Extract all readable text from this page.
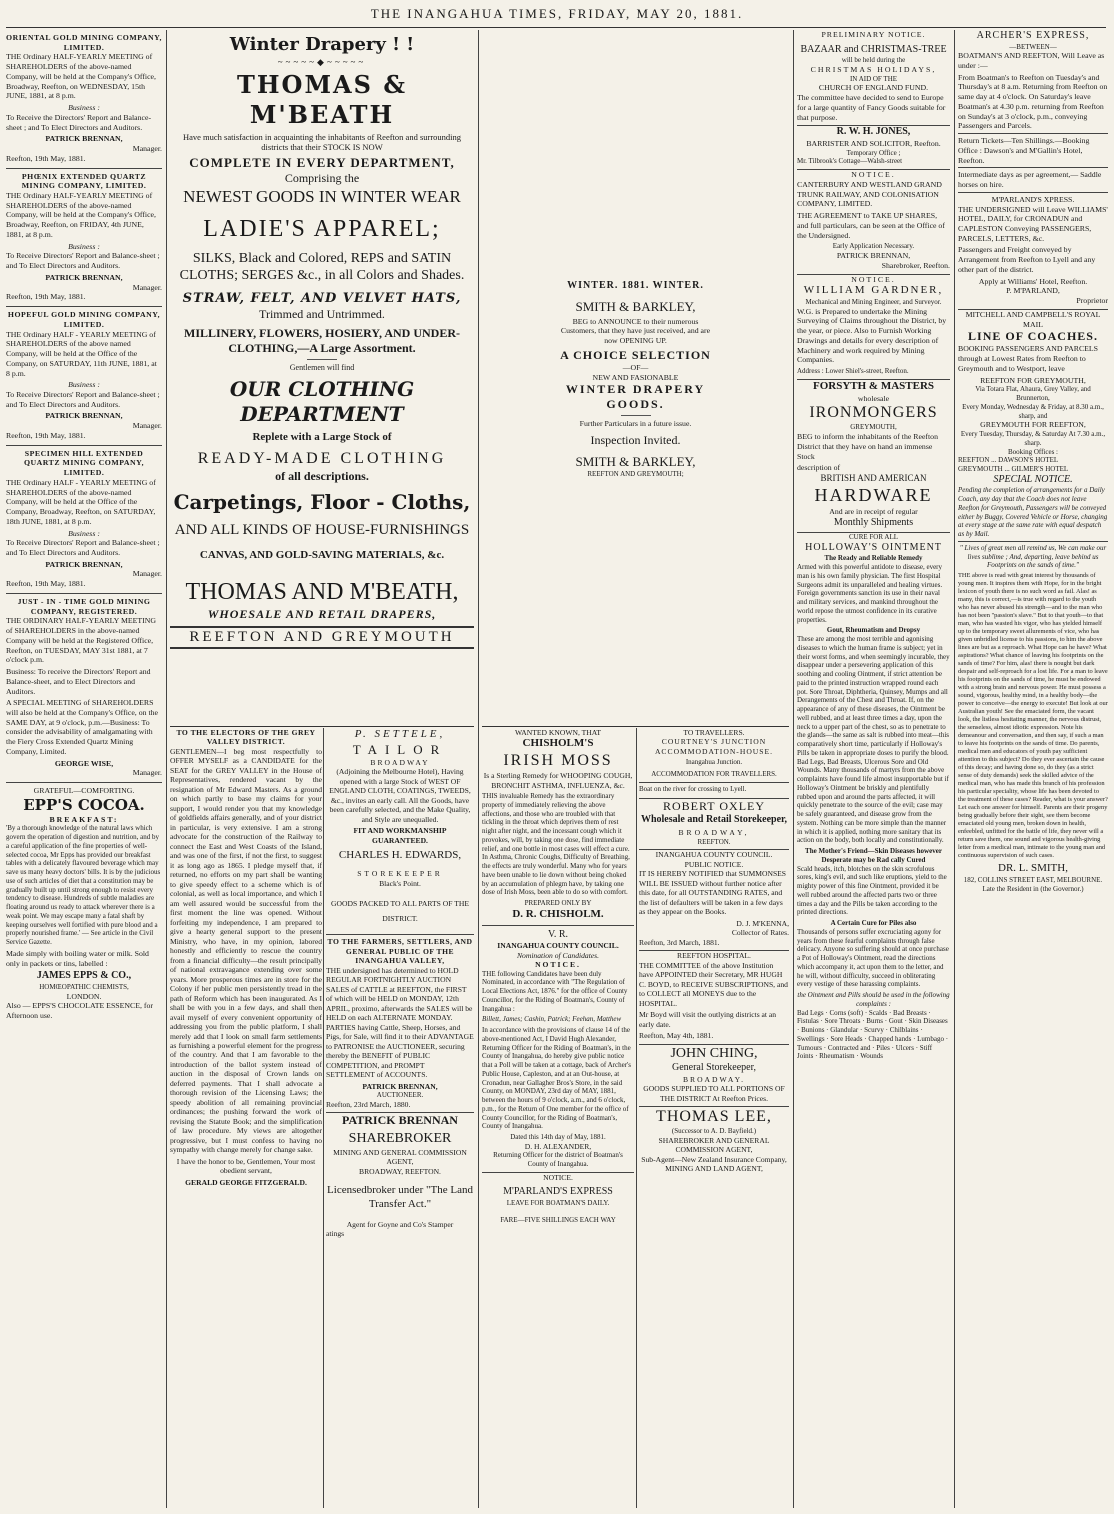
THE INANGAHUA TIMES, FRIDAY, MAY 20, 1881.
ORIENTAL GOLD MINING COMPANY, LIMITED.

THE Ordinary HALF-YEARLY MEETING of SHAREHOLDERS of the above-named Company, will be held at the Company's Office, Broadway, Reefton, on WEDNESDAY, 15th JUNE, 1881, at 8 p.m.

Business :

To Receive the Directors' Report and Balance-sheet ; and To Elect Directors and Auditors.

PATRICK BRENNAN,
Manager.
Reefton, 19th May, 1881.
PHŒNIX EXTENDED QUARTZ MINING COMPANY, LIMITED.

THE Ordinary HALF-YEARLY MEETING of SHAREHOLDERS of the above-named Company, will be held at the Company's Office, Broadway, Reefton, on FRIDAY, 4th JUNE, 1881, at 8 p.m.

Business :

To Receive Directors' Report and Balance-sheet ; and To Elect Directors and Auditors.

PATRICK BRENNAN,
Manager.
Reefton, 19th May, 1881.
HOPEFUL GOLD MINING COMPANY, LIMITED.

THE Ordinary HALF - YEARLY MEETING of SHAREHOLDERS of the above named Company, will be held at the Office of the Company, on SATURDAY, 11th JUNE, 1881, at 8 p.m.

Business :

To Receive Directors' Report and Balance-sheet ; and To Elect Directors and Auditors.

PATRICK BRENNAN,
Manager.
Reefton, 19th May, 1881.
SPECIMEN HILL EXTENDED QUARTZ MINING COMPANY, LIMITED.

THE Ordinary HALF - YEARLY MEETING of SHAREHOLDERS of the above-named Company, will be held at the Office of the Company, Broadway, Reefton, on SATURDAY, 18th JUNE, 1881, at 8 p.m.

Business :

To Receive Directors' Report and Balance-sheet ; and To Elect Directors and Auditors.

PATRICK BRENNAN,
Manager.
Reefton, 19th May, 1881.
JUST - IN - TIME GOLD MINING COMPANY, REGISTERED.

THE ORDINARY HALF-YEARLY MEETING of SHAREHOLDERS in the above-named Company will be held at the Registered Office, Reefton, on TUESDAY, MAY 31st 1881, at 7 o'clock p.m.

Business: To receive the Directors' Report and Balance-sheet, and to Elect Directors and Auditors.

A SPECIAL MEETING of SHAREHOLDERS will also be held at the Company's Office, on the SAME DAY, at 9 o'clock, p.m.—Business: To consider the advisability of amalgamating with the Fiery Cross Extended Quartz Mining Company, Limited.

GEORGE WISE,
Manager.
GRATEFUL—COMFORTING.
EPP'S COCOA.
BREAKFAST:

'By a thorough knowledge of the natural laws which govern the operation of digestion and nutrition, and by a careful application of the fine properties of well-selected cocoa, Mr Epps has provided our breakfast tables with a delicately flavoured beverage which may save us many heavy doctors' bills. It is by the judicious use of such articles of diet that a constitution may be gradually built up until strong enough to resist every tendency to disease. Hundreds of subtle maladies are floating around us ready to attack wherever there is a weak point. We may escape many a fatal shaft by keeping ourselves well fortified with pure blood and a properly nourished frame.' — See article in the Civil Service Gazette.

Made simply with boiling water or milk. Sold only in packets or tins, labelled :

JAMES EPPS & CO.,
HOMŒOPATHIC CHEMISTS,
LONDON.

Also — EPPS'S CHOCOLATE ESSENCE, for Afternoon use.

Winter Drapery ! !
~~~~~◆~~~~~
THOMAS & M'BEATH

Have much satisfaction in acquainting the inhabitants of Reefton and surrounding districts that their STOCK IS NOW

COMPLETE IN EVERY DEPARTMENT,
Comprising the
NEWEST GOODS IN WINTER WEAR
LADIE'S APPAREL;
SILKS, Black and Colored, REPS and SATIN
CLOTHS; SERGES &c., in all Colors and Shades.
STRAW, FELT, AND VELVET HATS,
Trimmed and Untrimmed.
MILLINERY, FLOWERS, HOSIERY, AND UNDER-
CLOTHING,—A Large Assortment.
Gentlemen will find
OUR CLOTHING DEPARTMENT
Replete with a Large Stock of
READY-MADE CLOTHING
of all descriptions.
Carpetings, Floor - Cloths,
AND ALL KINDS OF HOUSE-FURNISHINGS
CANVAS, AND GOLD-SAVING MATERIALS, &c.
THOMAS AND M'BEATH,
WHOESALE AND RETAIL DRAPERS,
REEFTON AND GREYMOUTH
TO THE ELECTORS OF THE GREY VALLEY DISTRICT.

GENTLEMEN—I beg most respectfully to OFFER MYSELF as a CANDIDATE for the SEAT for the GREY VALLEY in the House of Representatives, rendered vacant by the resignation of Mr Edward Masters. As a ground on which partly to base my claims for your support, I would render you that my knowledge of goldfields affairs generally, and of your district in particular, is very extensive. I am a strong advocate for the construction of the Railway to connect the East and West Coasts of the Island, and was one of the first, if not the first, to suggest it as long ago as 1865. I pledge myself that, if returned, no efforts on my part shall be wanting to give speedy effect to a scheme which is of colonial, as well as local importance, and which I am well assured would be successful from the first moment the line was opened. Without forfeiting my independence, I am prepared to give a hearty general support to the present Ministry, who have, in my opinion, labored honestly and efficiently to rescue the country from a financial difficulty—the result principally of national extravagance extending over some years. More prosperous times are in store for the Colony if her public men persistently tread in the path of Reform which has been inaugurated. As I shall be with you in a few days, and shall then avail myself of every convenient opportunity of addressing you from the public platform, I shall merely add that I look on small farm settlements as furnishing a powerful element for the progress of the country. And that I am favorable to the introduction of the ballot system instead of auction in the disposal of Crown lands on deferred payments. That I shall advocate a thorough revision of the Licensing Laws; the speedy abolition of all remaining provincial ordinances; the pushing forward the work of revising the Statute Book; and the simplification of law procedure. My views are altogether progressive, but I must confess to having no sympathy with change merely for change sake.

I have the honor to be, Gentlemen, Your most obedient servant,

GERALD GEORGE FITZGERALD.
P. SETTELE,
TAILOR
BROADWAY

(Adjoining the Melbourne Hotel), Having opened with a large Stock of WEST OF ENGLAND CLOTH, COATINGS, TWEEDS, &c., invites an early call. All the Goods, have been carefully selected, and the Make Quality, and Style are unequalled.

FIT AND WORKMANSHIP GUARANTEED.
CHARLES H. EDWARDS,
STOREKEEPER
Black's Point.
GOODS PACKED TO ALL PARTS OF THE DISTRICT.
TO THE FARMERS, SETTLERS, AND GENERAL PUBLIC OF THE INANGAHUA VALLEY,

THE undersigned has determined to HOLD REGULAR FORTNIGHTLY AUCTION SALES of CATTLE at REEFTON, the FIRST of which will be HELD on MONDAY, 12th APRIL, proximo, afterwards the SALES will be HELD on each ALTERNATE MONDAY. PARTIES having Cattle, Sheep, Horses, and Pigs, for Sale, will find it to their ADVANTAGE to PATRONISE the AUCTIONEER, securing thereby the BENEFIT of PUBLIC COMPETITION, and PROMPT SETTLEMENT of ACCOUNTS.

PATRICK BRENNAN,
AUCTIONEER.
Reefton, 23rd March, 1880.
PATRICK BRENNAN
SHAREBROKER
MINING AND GENERAL COMMISSION AGENT,
BROADWAY, REEFTON.
Licensedbroker under "The Land Transfer Act."
Agent for Goyne and Co's Stamper
atings
WINTER. 1881. WINTER.
SMITH & BARKLEY,

BEG to ANNOUNCE to their numerous Customers, that they have just received, and are now OPENING UP.

A CHOICE SELECTION
—OF—
NEW AND FASIONABLE
WINTER DRAPERY GOODS.
Further Particulars in a future issue.
Inspection Invited.
SMITH & BARKLEY,
REEFTON AND GREYMOUTH;
WANTED KNOWN, THAT
CHISHOLM'S
IRISH MOSS

Is a Sterling Remedy for WHOOPING COUGH, BRONCHIT ASTHMA, INFLUENZA, &c.

THIS invaluable Remedy has the extraordinary property of immediately relieving the above affections, and those who are troubled with that tickling in the throat which deprives them of rest night after night, and the incessant cough which it provokes, will, by taking one dose, find immediate relief, and one bottle in most cases will effect a cure. In Asthma, Chronic Coughs, Difficulty of Breathing, the effects are truly wonderful. Many who for years have been unable to lie down without being choked by an accumulation of phlegm have, by taking one dose of Irish Moss, been able to do so with comfort.

PREPARED ONLY BY
D. R. CHISHOLM.
V. R.
INANGAHUA COUNTY COUNCIL.
Nomination of Candidates.
NOTICE.

THE following Candidates have been duly Nominated, in accordance with "The Regulation of Local Elections Act, 1876." for the office of County Councillor, for the Riding of Boatman's, County of Inangahua :

Billett, James; Cashin, Patrick; Feehan, Matthew

In accordance with the provisions of clause 14 of the above-mentioned Act, I David Hugh Alexander, Returning Officer for the Riding of Boatman's, in the County of Inangahua, do hereby give public notice that a Poll will be taken at a cottage, back of Archer's Public House, Capleston, and at an Out-house, at Cronadun, near Gallagher Bros's Store, in the said County, on MONDAY, 23rd day of MAY, 1881, between the hours of 9 o'clock, a.m., and 6 o'clock, p.m., for the Return of One member for the office of County Councillor, for the Riding of Boatman's, County of Inangahua.

Dated this 14th day of May, 1881.
D. H. ALEXANDER,

Returning Officer for the district of Boatman's County of Inangahua.

NOTICE.
M'PARLAND'S EXPRESS
LEAVE FOR BOATMAN'S DAILY.
FARE—FIVE SHILLINGS EACH WAY
TO TRAVELLERS.

COURTNEY'S JUNCTION ACCOMMODATION-HOUSE.

Inangahua Junction.
ACCOMMODATION FOR TRAVELLERS.
Boat on the river for crossing to Lyell.
ROBERT OXLEY
Wholesale and Retail Storekeeper,
BROADWAY,
REEFTON.
INANGAHUA COUNTY COUNCIL.
PUBLIC NOTICE.

IT IS HEREBY NOTIFIED that SUMMONSES WILL BE ISSUED without further notice after this date, for all OUTSTANDING RATES, and the list of defaulters will be taken in a few days as they appear on the Books.

D. J. M'KENNA,
Collector of Rates.
Reefton, 3rd March, 1881.
REEFTON HOSPITAL.

THE COMMITTEE of the above Institution have APPOINTED their Secretary, MR HUGH C. BOYD, to RECEIVE SUBSCRIPTIONS, and to COLLECT all MONEYS due to the HOSPITAL.

Mr Boyd will visit the outlying districts at an early date.

Reefton, May 4th, 1881.
JOHN CHING,
General Storekeeper,
BROADWAY.

GOODS SUPPLIED TO ALL PORTIONS OF THE DISTRICT At Reefton Prices.

THOMAS LEE,
(Successor to A. D. Bayfield.)
SHAREBROKER AND GENERAL COMMISSION AGENT,
Sub-Agent—New Zealand Insurance Company,
MINING AND LAND AGENT,
PRELIMINARY NOTICE.
BAZAAR and CHRISTMAS-TREE
will be held during the
CHRISTMAS HOLIDAYS,
IN AID OF THE
CHURCH OF ENGLAND FUND.

The committee have decided to send to Europe for a large quantity of Fancy Goods suitable for that purpose.

R. W. H. JONES,
BARRISTER AND SOLICITOR, Reefton.
Temporary Office ;
Mr. Tilbrook's Cottage—Walsh-street
NOTICE.

CANTERBURY AND WESTLAND GRAND TRUNK RAILWAY, AND COLONISATION COMPANY, LIMITED.

THE AGREEMENT to TAKE UP SHARES, and full particulars, can be seen at the Office of the Undersigned.

Early Application Necessary.
PATRICK BRENNAN,
Sharebroker, Reefton.
NOTICE.
WILLIAM GARDNER,
Mechanical and Mining Engineer, and Surveyor.

W.G. is Prepared to undertake the Mining Surveying of Claims throughout the District, by the year, or piece. Also to Furnish Working Drawings and details for every description of Machinery and work required by Mining Companies.

Address : Lower Shiel's-street, Reefton.
FORSYTH & MASTERS
wholesale
IRONMONGERS
GREYMOUTH,

BEG to inform the inhabitants of the Reefton District that they have on hand an immense Stock

description of
BRITISH AND AMERICAN
HARDWARE
And are in receipt of regular
Monthly Shipments
CURE FOR ALL
HOLLOWAY'S OINTMENT
The Ready and Reliable Remedy

Armed with this powerful antidote to disease, every man is his own family physician. The first Hospital Surgeons admit its unparalleled and healing virtues. Foreign governments sanction its use in their naval and military services, and mankind throughout the world repose the utmost confidence in its curative properties.

Gout, Rheumatism and Dropsy

These are among the most terrible and agonising diseases to which the human frame is subject; yet in their worst forms, and when seemingly incurable, they disappear under a persevering application of this soothing and cooling Ointment, if strict attention be paid to the printed instruction wrapped round each pot. Sore Throat, Diphtheria, Quinsey, Mumps and all Derangements of the Chest and Throat. If, on the appearance of any of these diseases, the Ointment be well rubbed, and at least three times a day, upon the neck to a upper part of the chest, so as to penetrate to the glands—the same as salt is rubbed into meat—this comparatively short time, particularly if Holloway's Pills be taken in appropriate doses to purify the blood. Bad Legs, Bad Breasts, Ulcerous Sore and Old Wounds. Many thousands of martyrs from the above complaints have found life almost insupportable but if Holloway's Ointment be briskly and plentifully rubbed upon and around the parts affected, it will quickly penetrate to the source of the evil; case may be safely guaranteed, and disease grow from the system. Nothing can be more simple than the manner in which it is applied, nothing more sanitary that its action on the body, both locally and constitutionally.

The Mother's Friend—Skin Diseases however Desperate may be Rad cally Cured

Scald heads, itch, blotches on the skin scrofulous sores, king's evil, and such like eruptions, yield to the mighty power of this fine Ointment, provided it be well rubbed around the affected parts two or three times a day and the Pills be taken according to the printed directions.

A Certain Cure for Piles also

Thousands of persons suffer excruciating agony for years from these fearful complaints through false delicacy. Anyone so suffering should at once purchase a Pot of Holloway's Ointment, read the directions which accompany it, act upon them to the letter, and he will, without difficulty, succeed in obliterating every vestige of these harassing complaints.

the Ointment and Pills should be used in the following complaints :

Bad Legs · Corns (soft) · Scalds · Bad Breasts · Fistulas · Sore Throats · Burns · Gout · Skin Diseases · Bunions · Glandular · Scurvy · Chilblains · Swellings · Sore Heads · Chapped hands · Lumbago · Tumours · Contracted and · Piles · Ulcers · Stiff Joints · Rheumatism · Wounds

ARCHER'S EXPRESS,
—BETWEEN—

BOATMAN'S AND REEFTON, Will Leave as under :—

From Boatman's to Reefton on Tuesday's and Thursday's at 8 a.m. Returning from Reefton on same day at 4 o'clock. On Saturday's leave Boatman's at 4.30 p.m. returning from Reefton on Sunday's at 3 o'clock, p.m., conveying Passengers and Parcels.

Return Tickets—Ten Shillings.—Booking Office : Dawson's and M'Gallin's Hotel, Reefton.

Intermediate days as per agreement,— Saddle horses on hire.

M'PARLAND'S XPRESS.

THE UNDERSIGNED will Leave WILLIAMS' HOTEL, DAILY, for CRONADUN and CAPLESTON Conveying PASSENGERS, PARCELS, LETTERS, &c.

Passengers and Freight conveyed by Arrangement from Reefton to Lyell and any other part of the district.

Apply at Williams' Hotel, Reefton.
P. M'PARLAND,
Proprietor
MITCHELL AND CAMPBELL'S ROYAL MAIL
LINE OF COACHES.

BOOKING PASSENGERS AND PARCELS through at Lowest Rates from Reefton to Greymouth and to Westport, leave

REEFTON FOR GREYMOUTH,
Via Totara Flat, Ahaura, Grey Valley, and Brunnerton,
Every Monday, Wednesday & Friday, at 8.30 a.m., sharp, and
GREYMOUTH FOR REEFTON,
Every Tuesday, Thursday, & Saturday At 7.30 a.m., sharp.
Booking Offices :
REEFTON ... DAWSON'S HOTEL
GREYMOUTH ... GILMER'S HOTEL
SPECIAL NOTICE.

Pending the completion of arrangements for a Daily Coach, any day that the Coach does not leave Reefton for Greymouth, Passengers will be conveyed either by Buggy, Covered Vehicle or Horse, changing at every stage at the same rate with equal despatch as by Mail.

" Lives of great men all remind us, We can make our lives sublime ; And, departing, leave behind us Footprints on the sands of time."

THE above is read with great interest by thousands of young men. It inspires them with Hope, for in the bright lexicon of youth there is no such word as fail. Alas! as many, this is correct,—is true with regard to the youth who has never abused his strength—and to the man who has not been "passion's slave." But to that youth—to that man, who has wasted his vigor, who has yielded himself up to the temporary sweet allurements of vice, who has given unbridled license to his passions, to him the above lines are but as a reproach. What Hope can he have? What aspirations? What chance of leaving his footprints on the sands of time? For him, alas! there is nought but dark despair and self-reproach for a lost life. For a man to leave his footprints on the sands of time, he must be endowed with a strong brain and nervous power. He must possess a sound, vigorous, healthy mind, in a healthy body—the power to conceive—the energy to execute! But look at our Australian youth! See the emaciated form, the vacant look, the listless hesitating manner, the nervous distrust, the senseless, almost idiotic expression. Note his demeanour and conversation, and then say, if such a man to leave his footprints on the sands of time. Do parents, medical men and educators of youth pay sufficient attention to this subject? Do they ever ascertain the cause of this decay; and having done so, do they (as a strict sense of duty demands) seek the skilled advice of the medical man, who has made this branch of his profession his particular speciality, whose life has been devoted to the treatment of these cases? Reader, what is your answer? Let each one answer for himself. Parents are their progeny being gradually before their sight, see them become emaciated old young men, broken down in health, enfeebled, unfitted for the battle of life, they never will a return save them, one sound and vigorous health-giving letter from a medical man, intimate to the young man and continuous supervision of such cases.

DR. L. SMITH,
182, COLLINS STREET EAST, MELBOURNE.
Late the Resident in (the Governor.)
